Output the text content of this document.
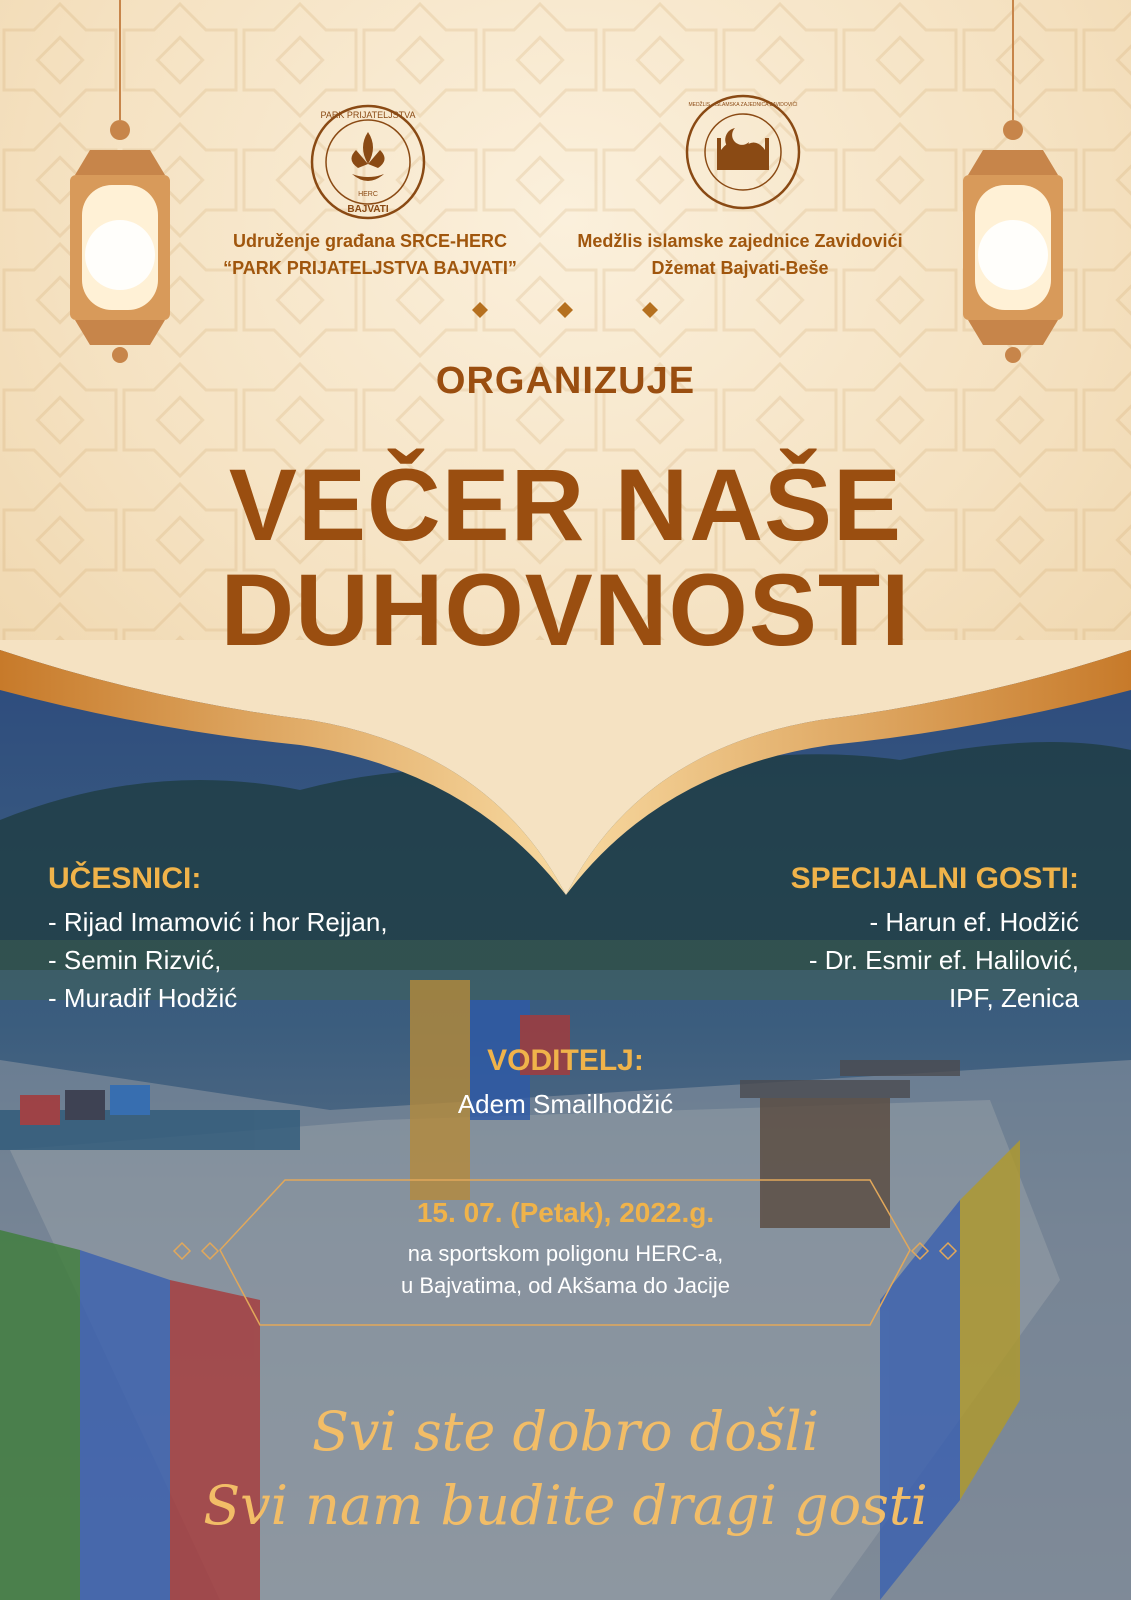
PARK PRIJATELJSTVA
HERC
BAJVATI
MEDŽLIS · ISLAMSKA ZAJEDNICA ZAVIDOVIĆI
Udruženje građana SRCE-HERC
“PARK PRIJATELJSTVA BAJVATI”
Medžlis islamske zajednice Zavidovići
Džemat Bajvati-Beše
ORGANIZUJE
VEČER NAŠE
DUHOVNOSTI
UČESNICI:
- Rijad Imamović i hor Rejjan,
- Semin Rizvić,
- Muradif Hodžić
SPECIJALNI GOSTI:
- Harun ef. Hodžić
- Dr. Esmir ef. Halilović,
IPF, Zenica
VODITELJ:
Adem Smailhodžić
15. 07. (Petak), 2022.g.
na sportskom poligonu HERC-a,
u Bajvatima, od Akšama do Jacije
Svi ste dobro došli
Svi nam budite dragi gosti
